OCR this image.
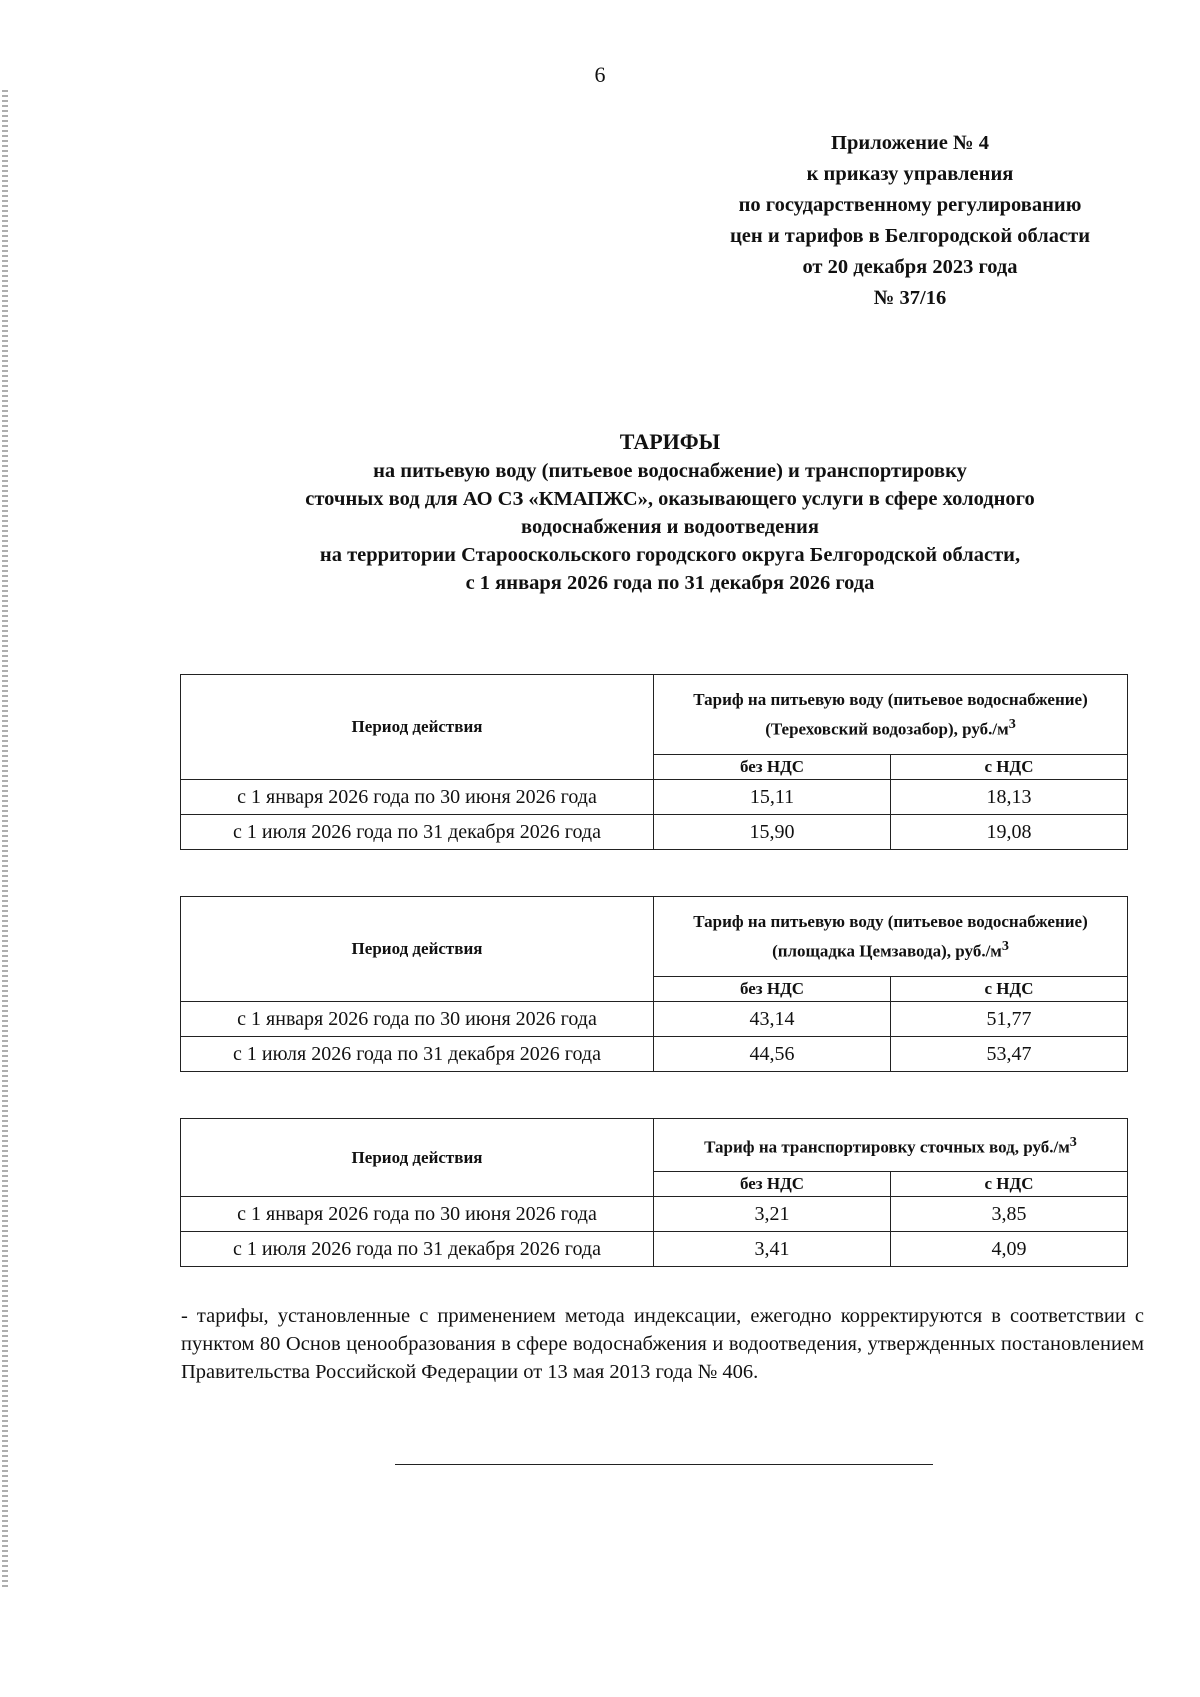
6
Приложение № 4
к приказу управления
по государственному регулированию
цен и тарифов в Белгородской области
от 20 декабря 2023 года
№ 37/16
ТАРИФЫ
на питьевую воду (питьевое водоснабжение) и транспортировку
сточных вод для АО СЗ «КМАПЖС», оказывающего услуги в сфере холодного
водоснабжения и водоотведения
на территории Старооскольского городского округа Белгородской области,
с 1 января 2026 года по 31 декабря 2026 года
Период действия	Тариф на питьевую воду (питьевое водоснабжение) (Тереховский водозабор), $руб./м^3$
	без НДС	с НДС
с 1 января 2026 года по 30 июня 2026 года	15,11	18,13
с 1 июля 2026 года по 31 декабря 2026 года	15,90	19,08
Период действия	Тариф на питьевую воду (питьевое водоснабжение) (площадка Цемзавода), $руб./м^3$
	без НДС	с НДС
с 1 января 2026 года по 30 июня 2026 года	43,14	51,77
с 1 июля 2026 года по 31 декабря 2026 года	44,56	53,47
Период действия	Тариф на транспортировку сточных вод, $руб./м^3$
	без НДС	с НДС
с 1 января 2026 года по 30 июня 2026 года	3,21	3,85
с 1 июля 2026 года по 31 декабря 2026 года	3,41	4,09
- тарифы, установленные с применением метода индексации, ежегодно корректируются в соответствии с пунктом 80 Основ ценообразования в сфере водоснабжения и водоотведения, утвержденных постановлением Правительства Российской Федерации от 13 мая 2013 года № 406.
